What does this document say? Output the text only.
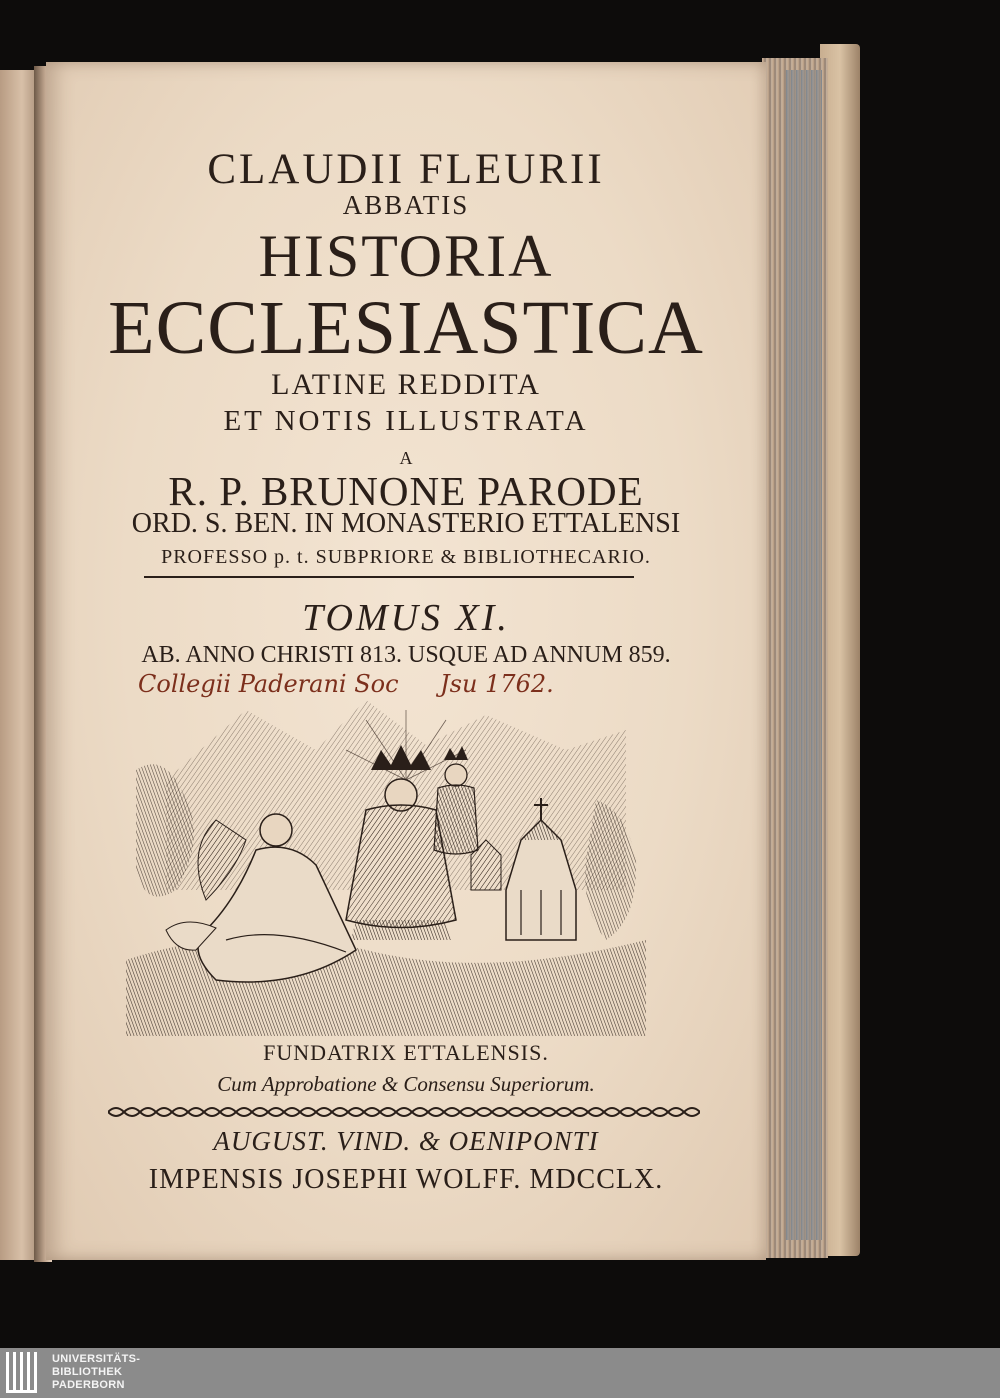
CLAUDII FLEURII
ABBATIS
HISTORIA
ECCLESIASTICA
LATINE REDDITA
ET NOTIS ILLUSTRATA
A
R. P. BRUNONE PARODE
ORD. S. BEN. IN MONASTERIO ETTALENSI
PROFESSO p. t. SUBPRIORE & BIBLIOTHECARIO.
TOMUS XI.
AB. ANNO CHRISTI 813. USQUE AD ANNUM 859.
Collegii Paderani Soc	Jsu 1762.
FUNDATRIX ETTALENSIS.
Cum Approbatione & Consensu Superiorum.
AUGUST. VIND. & OENIPONTI
IMPENSIS JOSEPHI WOLFF. MDCCLX.
UNIVERSITÄTS-
BIBLIOTHEK
PADERBORN
